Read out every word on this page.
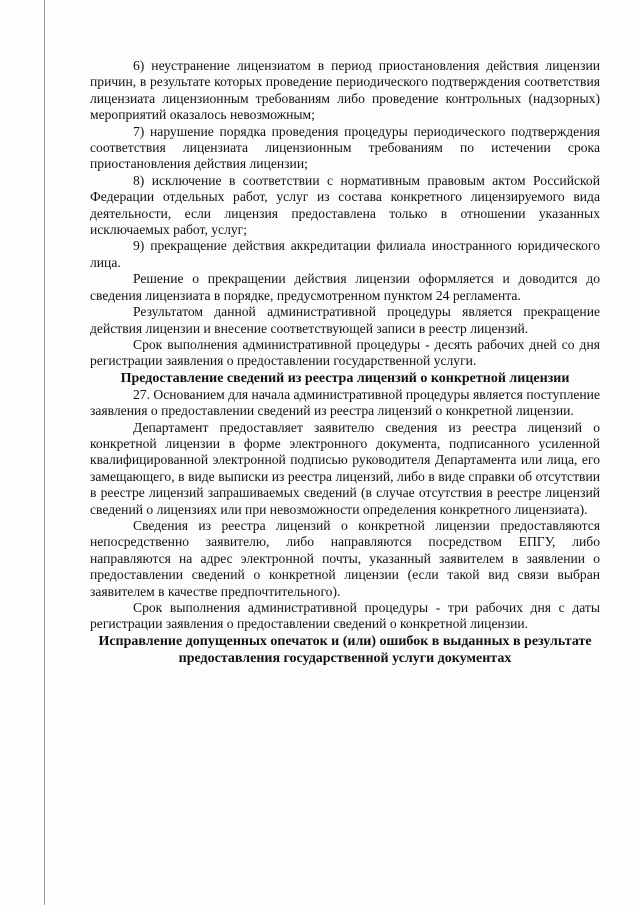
6) неустранение лицензиатом в период приостановления действия лицензии причин, в результате которых проведение периодического подтверждения соответствия лицензиата лицензионным требованиям либо проведение контрольных (надзорных) мероприятий оказалось невозможным;

7) нарушение порядка проведения процедуры периодического подтверждения соответствия лицензиата лицензионным требованиям по истечении срока приостановления действия лицензии;

8) исключение в соответствии с нормативным правовым актом Российской Федерации отдельных работ, услуг из состава конкретного лицензируемого вида деятельности, если лицензия предоставлена только в отношении указанных исключаемых работ, услуг;

9) прекращение действия аккредитации филиала иностранного юридического лица.

Решение о прекращении действия лицензии оформляется и доводится до сведения лицензиата в порядке, предусмотренном пунктом 24 регламента.

Результатом данной административной процедуры является прекращение действия лицензии и внесение соответствующей записи в реестр лицензий.

Срок выполнения административной процедуры - десять рабочих дней со дня регистрации заявления о предоставлении государственной услуги.

Предоставление сведений из реестра лицензий о конкретной лицензии

27. Основанием для начала административной процедуры является поступление заявления о предоставлении сведений из реестра лицензий о конкретной лицензии.

Департамент предоставляет заявителю сведения из реестра лицензий о конкретной лицензии в форме электронного документа, подписанного усиленной квалифицированной электронной подписью руководителя Департамента или лица, его замещающего, в виде выписки из реестра лицензий, либо в виде справки об отсутствии в реестре лицензий запрашиваемых сведений (в случае отсутствия в реестре лицензий сведений о лицензиях или при невозможности определения конкретного лицензиата).

Сведения из реестра лицензий о конкретной лицензии предоставляются непосредственно заявителю, либо направляются посредством ЕПГУ, либо направляются на адрес электронной почты, указанный заявителем в заявлении о предоставлении сведений о конкретной лицензии (если такой вид связи выбран заявителем в качестве предпочтительного).

Срок выполнения административной процедуры - три рабочих дня с даты регистрации заявления о предоставлении сведений о конкретной лицензии.

Исправление допущенных опечаток и (или) ошибок в выданных в результате предоставления государственной услуги документах
